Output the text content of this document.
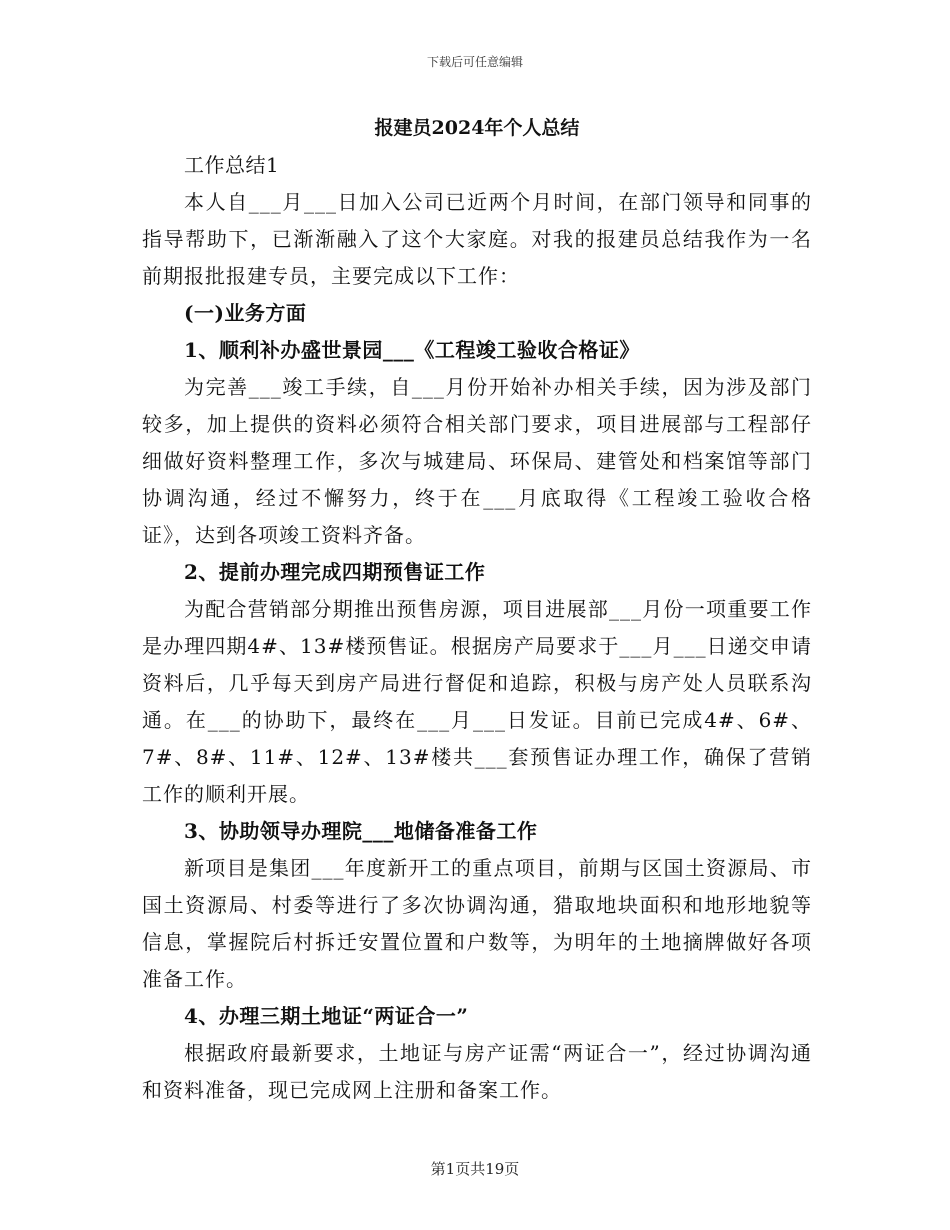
下载后可任意编辑
报建员2024年个人总结

工作总结1

本人自___月___日加入公司已近两个月时间，在部门领导和同事的指导帮助下，已渐渐融入了这个大家庭。对我的报建员总结我作为一名前期报批报建专员，主要完成以下工作：

(一)业务方面

1、顺利补办盛世景园___《工程竣工验收合格证》

为完善___竣工手续，自___月份开始补办相关手续，因为涉及部门较多，加上提供的资料必须符合相关部门要求，项目进展部与工程部仔细做好资料整理工作，多次与城建局、环保局、建管处和档案馆等部门协调沟通，经过不懈努力，终于在___月底取得《工程竣工验收合格证》，达到各项竣工资料齐备。

2、提前办理完成四期预售证工作

为配合营销部分期推出预售房源，项目进展部___月份一项重要工作是办理四期4#、13#楼预售证。根据房产局要求于___月___日递交申请资料后，几乎每天到房产局进行督促和追踪，积极与房产处人员联系沟通。在___的协助下，最终在___月___日发证。目前已完成4#、6#、7#、8#、11#、12#、13#楼共___套预售证办理工作，确保了营销工作的顺利开展。

3、协助领导办理院___地储备准备工作

新项目是集团___年度新开工的重点项目，前期与区国土资源局、市国土资源局、村委等进行了多次协调沟通，猎取地块面积和地形地貌等信息，掌握院后村拆迁安置位置和户数等，为明年的土地摘牌做好各项准备工作。

4、办理三期土地证“两证合一”

根据政府最新要求，土地证与房产证需“两证合一”，经过协调沟通和资料准备，现已完成网上注册和备案工作。

第1页共19页
